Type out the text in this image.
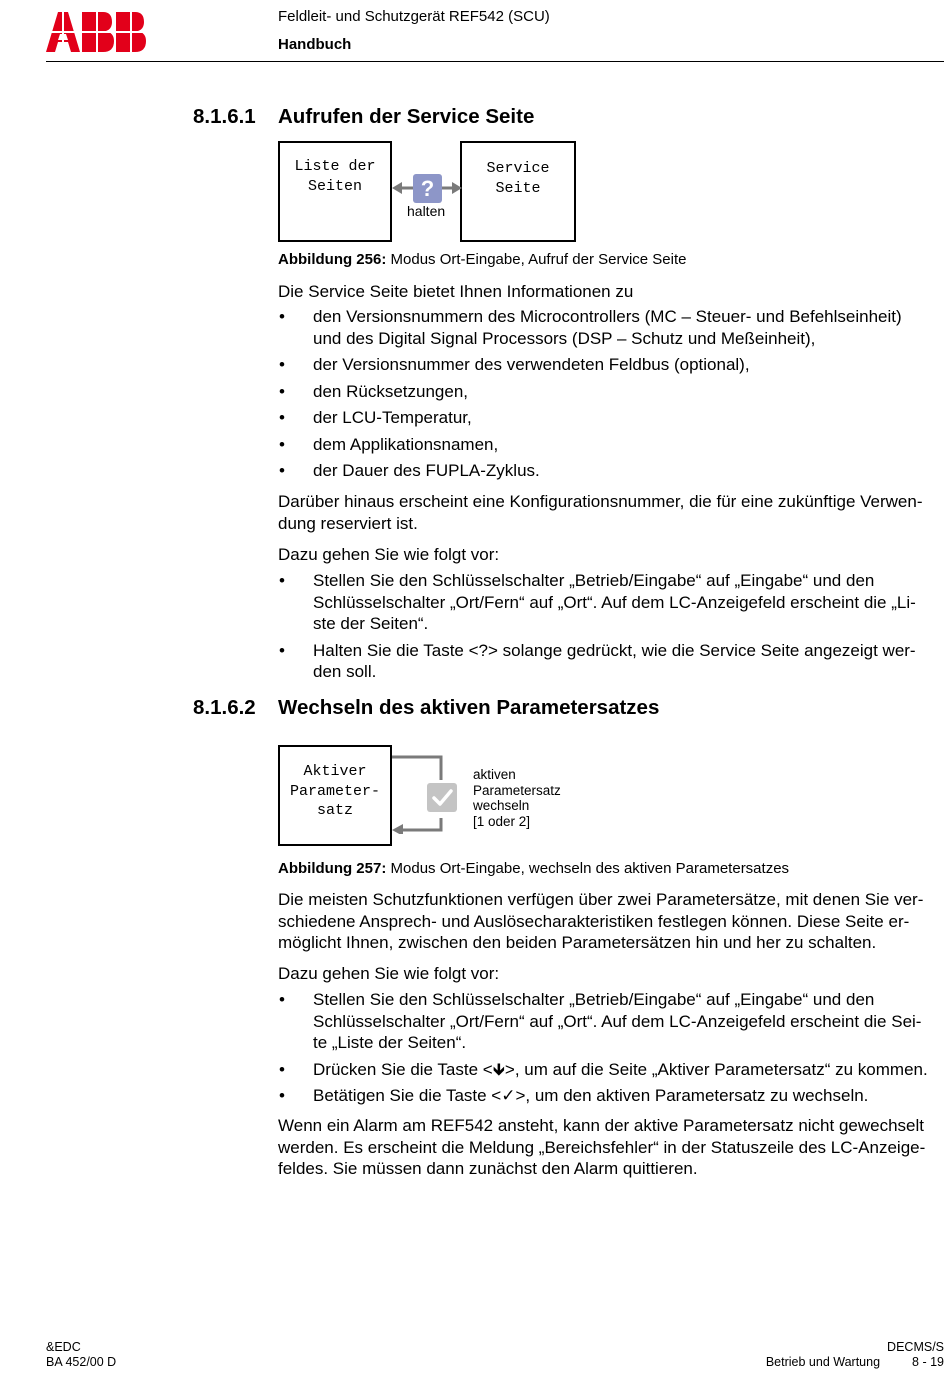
Feldleit- und Schutzgerät REF542 (SCU)
Handbuch
8.1.6.1 Aufrufen der Service Seite
Liste der
Seiten
Service
Seite
?
halten
Abbildung 256: Modus Ort-Eingabe, Aufruf der Service Seite
Die Service Seite bietet Ihnen Informationen zu
• den Versionsnummern des Microcontrollers (MC – Steuer- und Befehlseinheit)
und des Digital Signal Processors (DSP – Schutz und Meßeinheit),
• der Versionsnummer des verwendeten Feldbus (optional),
• den Rücksetzungen,
• der LCU-Temperatur,
• dem Applikationsnamen,
• der Dauer des FUPLA-Zyklus.
Darüber hinaus erscheint eine Konfigurationsnummer, die für eine zukünftige Verwen-
dung reserviert ist.
Dazu gehen Sie wie folgt vor:
• Stellen Sie den Schlüsselschalter „Betrieb/Eingabe“ auf „Eingabe“ und den
Schlüsselschalter „Ort/Fern“ auf „Ort“. Auf dem LC-Anzeigefeld erscheint die „Li-
ste der Seiten“.
• Halten Sie die Taste <?> solange gedrückt, wie die Service Seite angezeigt wer-
den soll.
8.1.6.2 Wechseln des aktiven Parametersatzes
Aktiver
Parameter-
satz
aktiven
Parametersatz
wechseln
[1 oder 2]
Abbildung 257: Modus Ort-Eingabe, wechseln des aktiven Parametersatzes
Die meisten Schutzfunktionen verfügen über zwei Parametersätze, mit denen Sie ver-
schiedene Ansprech- und Auslösecharakteristiken festlegen können. Diese Seite er-
möglicht Ihnen, zwischen den beiden Parametersätzen hin und her zu schalten.
Dazu gehen Sie wie folgt vor:
• Stellen Sie den Schlüsselschalter „Betrieb/Eingabe“ auf „Eingabe“ und den
Schlüsselschalter „Ort/Fern“ auf „Ort“. Auf dem LC-Anzeigefeld erscheint die Sei-
te „Liste der Seiten“.
• Drücken Sie die Taste <🡻>, um auf die Seite „Aktiver Parametersatz“ zu kommen.
• Betätigen Sie die Taste <✓>, um den aktiven Parametersatz zu wechseln.
Wenn ein Alarm am REF542 ansteht, kann der aktive Parametersatz nicht gewechselt
werden. Es erscheint die Meldung „Bereichsfehler“ in der Statuszeile des LC-Anzeige-
feldes. Sie müssen dann zunächst den Alarm quittieren.
&EDC
BA 452/00 D
DECMS/S
Betrieb und Wartung	8 - 19
